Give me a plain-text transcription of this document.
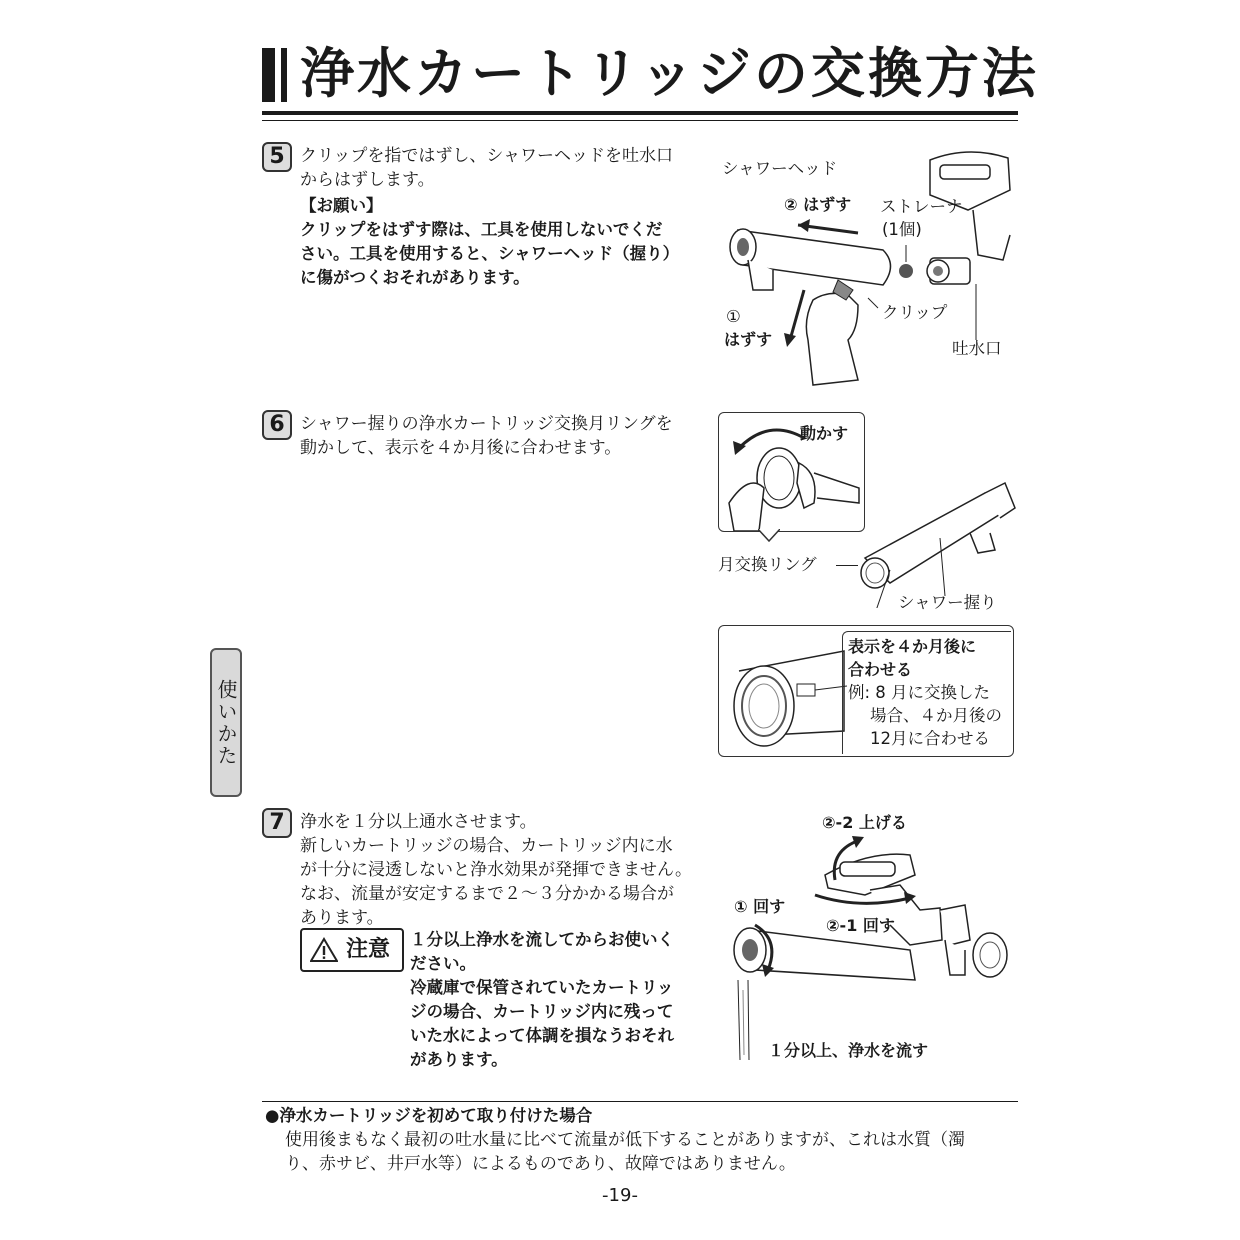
浄水カートリッジの交換方法
使いかた
5 クリップを指ではずし、シャワーヘッドを吐水口
からはずします。
【お願い】
クリップをはずす際は、工具を使用しないでくだ
さい。工具を使用すると、シャワーヘッド（握り）
に傷がつくおそれがあります。
シャワーヘッド
② はずす ストレーナ
(1個)
①
はずす
クリップ
吐水口
6 シャワー握りの浄水カートリッジ交換月リングを
動かして、表示を４か月後に合わせます。
動かす
月交換リング
シャワー握り
表示を４か月後に
合わせる
例: 8 月に交換した
場合、４か月後の
12月に合わせる
7 浄水を１分以上通水させます。
新しいカートリッジの場合、カートリッジ内に水
が十分に浸透しないと浄水効果が発揮できません。
なお、流量が安定するまで２～３分かかる場合が
あります。
注意 １分以上浄水を流してからお使いく
ださい。
冷蔵庫で保管されていたカートリッ
ジの場合、カートリッジ内に残って
いた水によって体調を損なうおそれ
があります。
②-2 上げる
① 回す
②-1 回す
１分以上、浄水を流す
●浄水カートリッジを初めて取り付けた場合
使用後まもなく最初の吐水量に比べて流量が低下することがありますが、これは水質（濁
り、赤サビ、井戸水等）によるものであり、故障ではありません。
-19-
